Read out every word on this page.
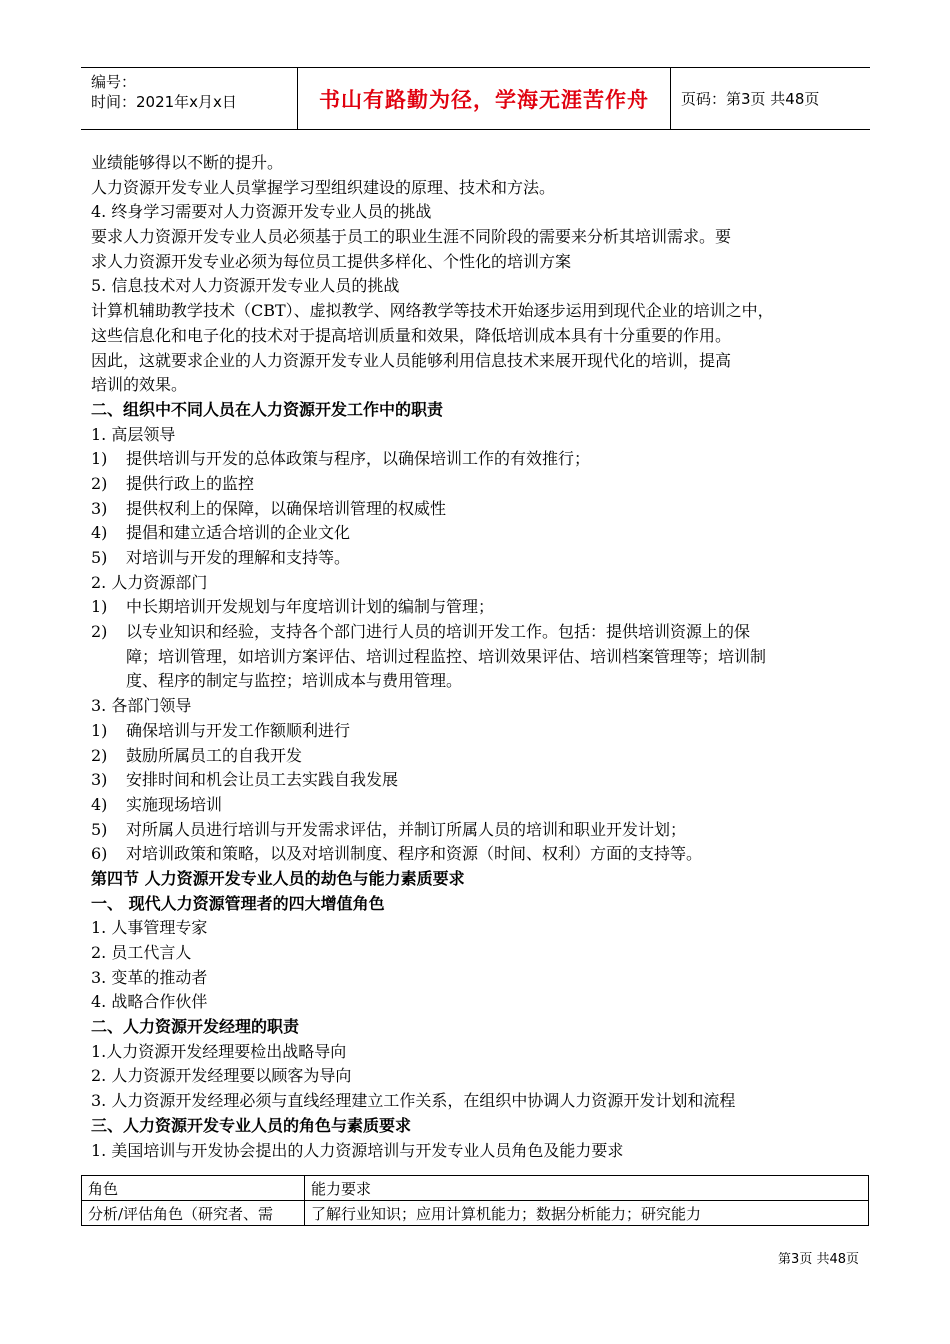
编号：
时间：2021年x月x日	书山有路勤为径，学海无涯苦作舟	页码：第3页 共48页
业绩能够得以不断的提升。
人力资源开发专业人员掌握学习型组织建设的原理、技术和方法。
4. 终身学习需要对人力资源开发专业人员的挑战
要求人力资源开发专业人员必须基于员工的职业生涯不同阶段的需要来分析其培训需求。要
求人力资源开发专业必须为每位员工提供多样化、个性化的培训方案
5. 信息技术对人力资源开发专业人员的挑战
计算机辅助教学技术（CBT）、虚拟教学、网络教学等技术开始逐步运用到现代企业的培训之中，
这些信息化和电子化的技术对于提高培训质量和效果，降低培训成本具有十分重要的作用。
因此，这就要求企业的人力资源开发专业人员能够利用信息技术来展开现代化的培训，提高
培训的效果。
二、组织中不同人员在人力资源开发工作中的职责
1. 高层领导
1)	提供培训与开发的总体政策与程序，以确保培训工作的有效推行；
2)	提供行政上的监控
3)	提供权利上的保障，以确保培训管理的权威性
4)	提倡和建立适合培训的企业文化
5)	对培训与开发的理解和支持等。
2. 人力资源部门
1)	中长期培训开发规划与年度培训计划的编制与管理；
2)	以专业知识和经验，支持各个部门进行人员的培训开发工作。包括：提供培训资源上的保
障；培训管理，如培训方案评估、培训过程监控、培训效果评估、培训档案管理等；培训制
度、程序的制定与监控；培训成本与费用管理。
3. 各部门领导
1)	确保培训与开发工作额顺利进行
2)	鼓励所属员工的自我开发
3)	安排时间和机会让员工去实践自我发展
4)	实施现场培训
5)	对所属人员进行培训与开发需求评估，并制订所属人员的培训和职业开发计划；
6)	对培训政策和策略，以及对培训制度、程序和资源（时间、权利）方面的支持等。
第四节 人力资源开发专业人员的劫色与能力素质要求
一、 现代人力资源管理者的四大增值角色
1. 人事管理专家
2. 员工代言人
3. 变革的推动者
4. 战略合作伙伴
二、人力资源开发经理的职责
1.人力资源开发经理要检出战略导向
2. 人力资源开发经理要以顾客为导向
3. 人力资源开发经理必须与直线经理建立工作关系，在组织中协调人力资源开发计划和流程
三、人力资源开发专业人员的角色与素质要求
1. 美国培训与开发协会提出的人力资源培训与开发专业人员角色及能力要求
角色	能力要求
分析/评估角色（研究者、需	了解行业知识；应用计算机能力；数据分析能力；研究能力
第3页 共48页
